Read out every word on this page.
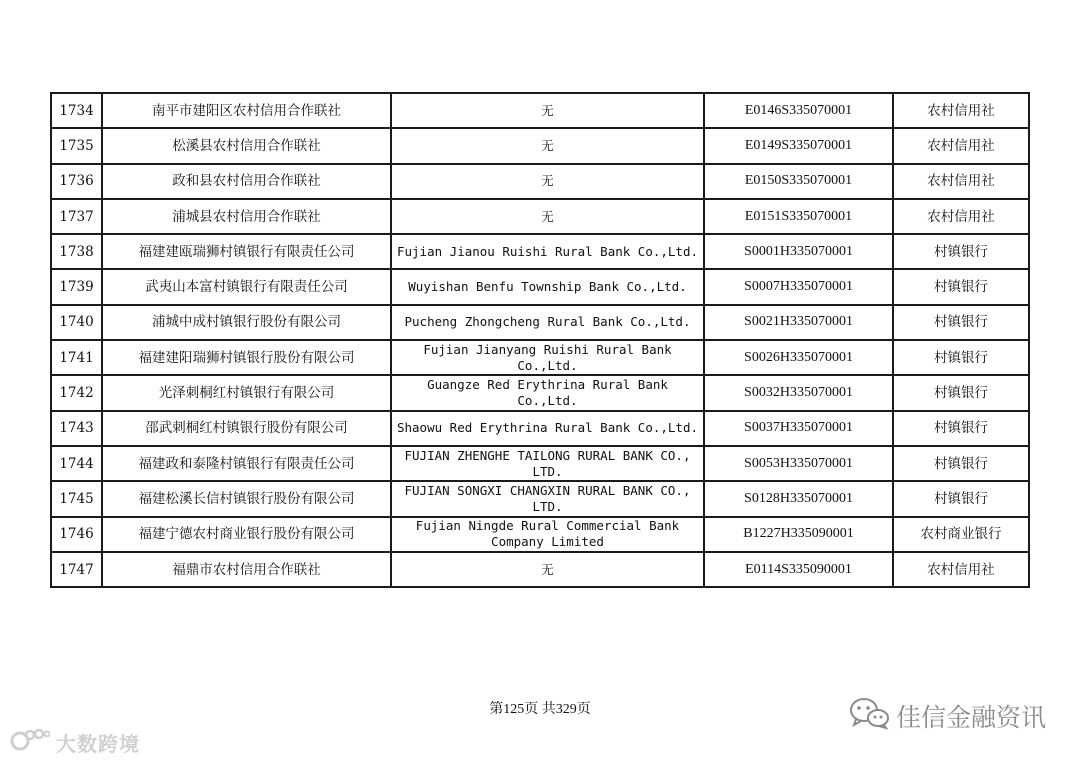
1734	南平市建阳区农村信用合作联社	无	E0146S335070001	农村信用社
1735	松溪县农村信用合作联社	无	E0149S335070001	农村信用社
1736	政和县农村信用合作联社	无	E0150S335070001	农村信用社
1737	浦城县农村信用合作联社	无	E0151S335070001	农村信用社
1738	福建建瓯瑞狮村镇银行有限责任公司	Fujian Jianou Ruishi Rural Bank Co.,Ltd.	S0001H335070001	村镇银行
1739	武夷山本富村镇银行有限责任公司	Wuyishan Benfu Township Bank Co.,Ltd.	S0007H335070001	村镇银行
1740	浦城中成村镇银行股份有限公司	Pucheng Zhongcheng Rural Bank Co.,Ltd.	S0021H335070001	村镇银行
1741	福建建阳瑞狮村镇银行股份有限公司	Fujian Jianyang Ruishi Rural Bank Co.,Ltd.	S0026H335070001	村镇银行
1742	光泽刺桐红村镇银行有限公司	Guangze Red Erythrina Rural Bank Co.,Ltd.	S0032H335070001	村镇银行
1743	邵武刺桐红村镇银行股份有限公司	Shaowu Red Erythrina Rural Bank Co.,Ltd.	S0037H335070001	村镇银行
1744	福建政和泰隆村镇银行有限责任公司	FUJIAN ZHENGHE TAILONG RURAL BANK CO., LTD.	S0053H335070001	村镇银行
1745	福建松溪长信村镇银行股份有限公司	FUJIAN SONGXI CHANGXIN RURAL BANK CO., LTD.	S0128H335070001	村镇银行
1746	福建宁德农村商业银行股份有限公司	Fujian Ningde Rural Commercial Bank Company Limited	B1227H335090001	农村商业银行
1747	福鼎市农村信用合作联社	无	E0114S335090001	农村信用社
第125页 共329页
大数跨境
佳信金融资讯
